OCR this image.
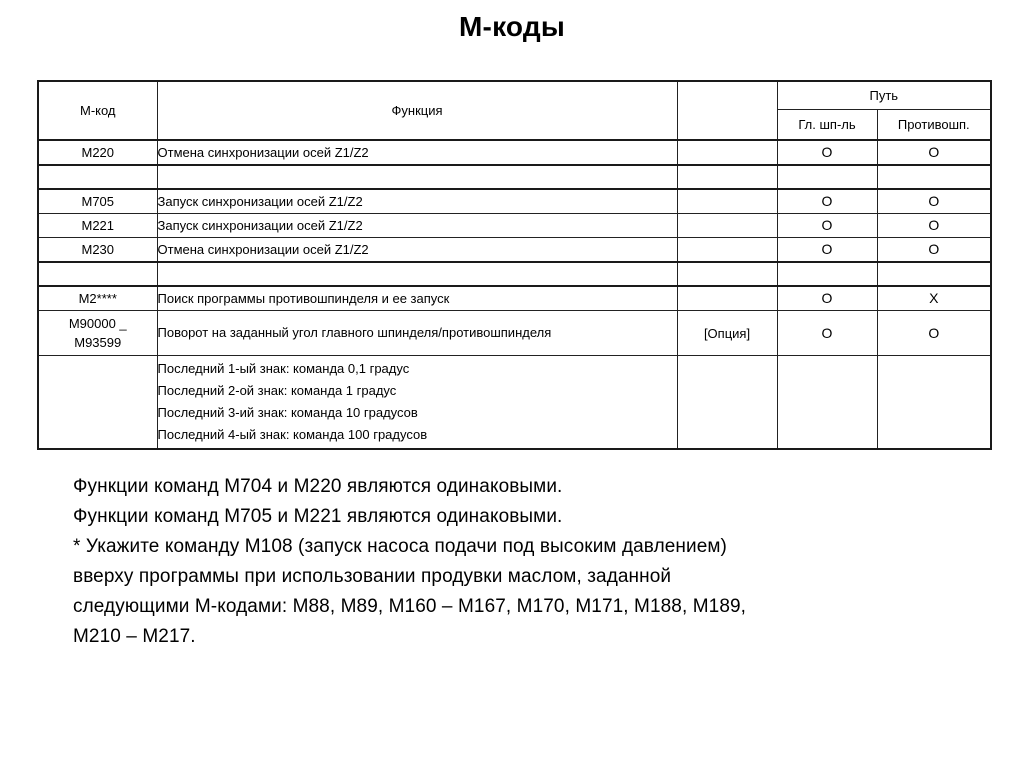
М-коды
М-код	Функция		Путь	
			Гл. шп-ль	Противошп.
M220	Отмена синхронизации осей Z1/Z2		O	O

M705	Запуск синхронизации осей Z1/Z2		O	O
M221	Запуск синхронизации осей Z1/Z2		O	O
M230	Отмена синхронизации осей Z1/Z2		O	O

M2****	Поиск программы противошпинделя и ее запуск		O	X

M90000 _
M93599	Поворот на заданный угол главного шпинделя/противошпинделя	[Опция]	O	O

	Последний 1-ый знак: команда 0,1 градус
Последний 2-ой знак: команда 1 градус
Последний 3-ий знак: команда 10 градусов
Последний 4-ый знак: команда 100 градусов			

Функции команд M704 и M220 являются одинаковыми.

Функции команд M705 и M221 являются одинаковыми.

* Укажите команду M108 (запуск насоса подачи под высоким давлением)

вверху программы при использовании продувки маслом, заданной

следующими М-кодами: M88, M89, M160 – M167, M170, M171, M188, M189,

M210 – M217.
